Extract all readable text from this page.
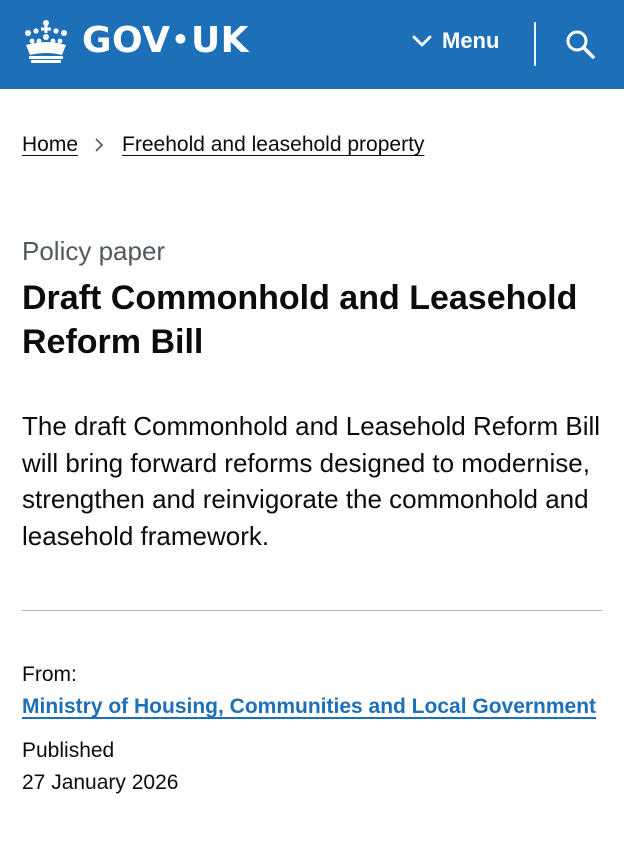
GOV•UK	Menu
Home Freehold and leasehold property
Policy paper
Draft Commonhold and Leasehold Reform Bill

The draft Commonhold and Leasehold Reform Bill will bring forward reforms designed to modernise, strengthen and reinvigorate the commonhold and leasehold framework.

From:
Ministry of Housing, Communities and Local Government
Published
27 January 2026
